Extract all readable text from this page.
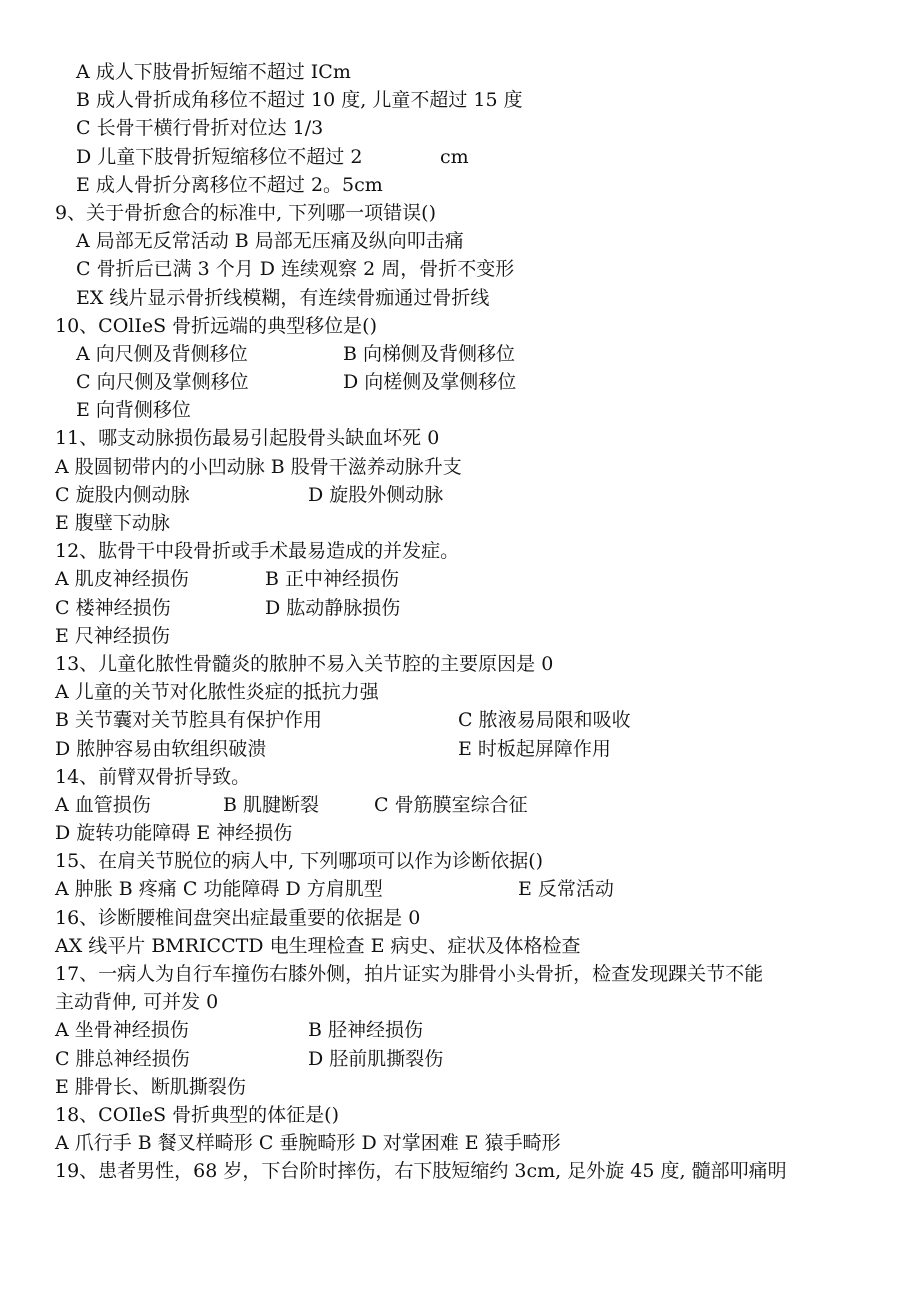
A 成人下肢骨折短缩不超过 ICm
B 成人骨折成角移位不超过 10 度, 儿童不超过 15 度
C 长骨干横行骨折对位达 1/3
D 儿童下肢骨折短缩移位不超过 2	cm
E 成人骨折分离移位不超过 2。5cm
9、关于骨折愈合的标准中, 下列哪一项错误()
A 局部无反常活动 B 局部无压痛及纵向叩击痛
C 骨折后已满 3 个月 D 连续观察 2 周，骨折不变形
EX 线片显示骨折线模糊，有连续骨痂通过骨折线
10、COlIeS 骨折远端的典型移位是()
A 向尺侧及背侧移位	B 向梯侧及背侧移位
C 向尺侧及掌侧移位	D 向槎侧及掌侧移位
E 向背侧移位
11、哪支动脉损伤最易引起股骨头缺血坏死 0
A 股圆韧带内的小凹动脉 B 股骨干滋养动脉升支
C 旋股内侧动脉	D 旋股外侧动脉
E 腹壁下动脉
12、肱骨干中段骨折或手术最易造成的并发症。
A 肌皮神经损伤	B 正中神经损伤
C 楼神经损伤	D 肱动静脉损伤
E 尺神经损伤
13、儿童化脓性骨髓炎的脓肿不易入关节腔的主要原因是 0
A 儿童的关节对化脓性炎症的抵抗力强
B 关节囊对关节腔具有保护作用	C 脓液易局限和吸收
D 脓肿容易由软组织破溃	E 时板起屏障作用
14、前臂双骨折导致。
A 血管损伤	B 肌腱断裂	C 骨筋膜室综合征
D 旋转功能障碍 E 神经损伤
15、在肩关节脱位的病人中, 下列哪项可以作为诊断依据()
A 肿胀 B 疼痛 C 功能障碍 D 方肩肌型	E 反常活动
16、诊断腰椎间盘突出症最重要的依据是 0
AX 线平片 BMRICCTD 电生理检查 E 病史、症状及体格检查
17、一病人为自行车撞伤右膝外侧，拍片证实为腓骨小头骨折，检查发现踝关节不能
主动背伸, 可并发 0
A 坐骨神经损伤	B 胫神经损伤
C 腓总神经损伤	D 胫前肌撕裂伤
E 腓骨长、断肌撕裂伤
18、COIleS 骨折典型的体征是()
A 爪行手 B 餐叉样畸形 C 垂腕畸形 D 对掌困难 E 猿手畸形
19、患者男性，68 岁，下台阶时摔伤，右下肢短缩约 3cm, 足外旋 45 度, 髓部叩痛明
